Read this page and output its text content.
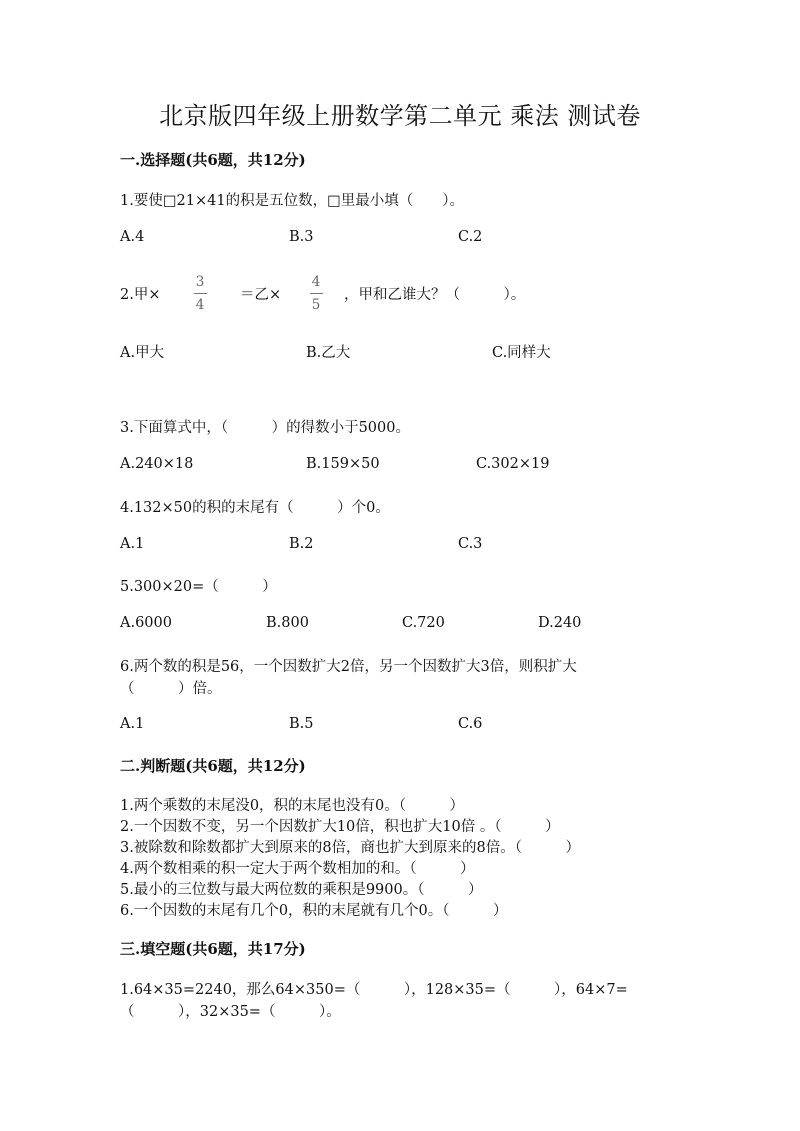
北京版四年级上册数学第二单元 乘法 测试卷
一.选择题(共6题，共12分)
1.要使□21×41的积是五位数，□里最小填（　　）。
A.4	B.3	C.2
2.甲×
3
4
＝乙×
4
5
，甲和乙谁大？（　　　）。
A.甲大	B.乙大	C.同样大
3.下面算式中，（　　　）的得数小于5000。
A.240×18	B.159×50	C.302×19
4.132×50的积的末尾有（　　　）个0。
A.1	B.2	C.3
5.300×20=（　　　）
A.6000	B.800	C.720	D.240
6.两个数的积是56，一个因数扩大2倍，另一个因数扩大3倍，则积扩大
（　　　）倍。
A.1	B.5	C.6
二.判断题(共6题，共12分)
1.两个乘数的末尾没0，积的末尾也没有0。（　　　）
2.一个因数不变，另一个因数扩大10倍，积也扩大10倍 。（　　　）
3.被除数和除数都扩大到原来的8倍，商也扩大到原来的8倍。（　　　）
4.两个数相乘的积一定大于两个数相加的和。（　　　）
5.最小的三位数与最大两位数的乘积是9900。（　　　）
6.一个因数的末尾有几个0，积的末尾就有几个0。（　　　）
三.填空题(共6题，共17分)
1.64×35=2240，那么64×350=（　　　），128×35=（　　　），64×7=
（　　　），32×35=（　　　）。
